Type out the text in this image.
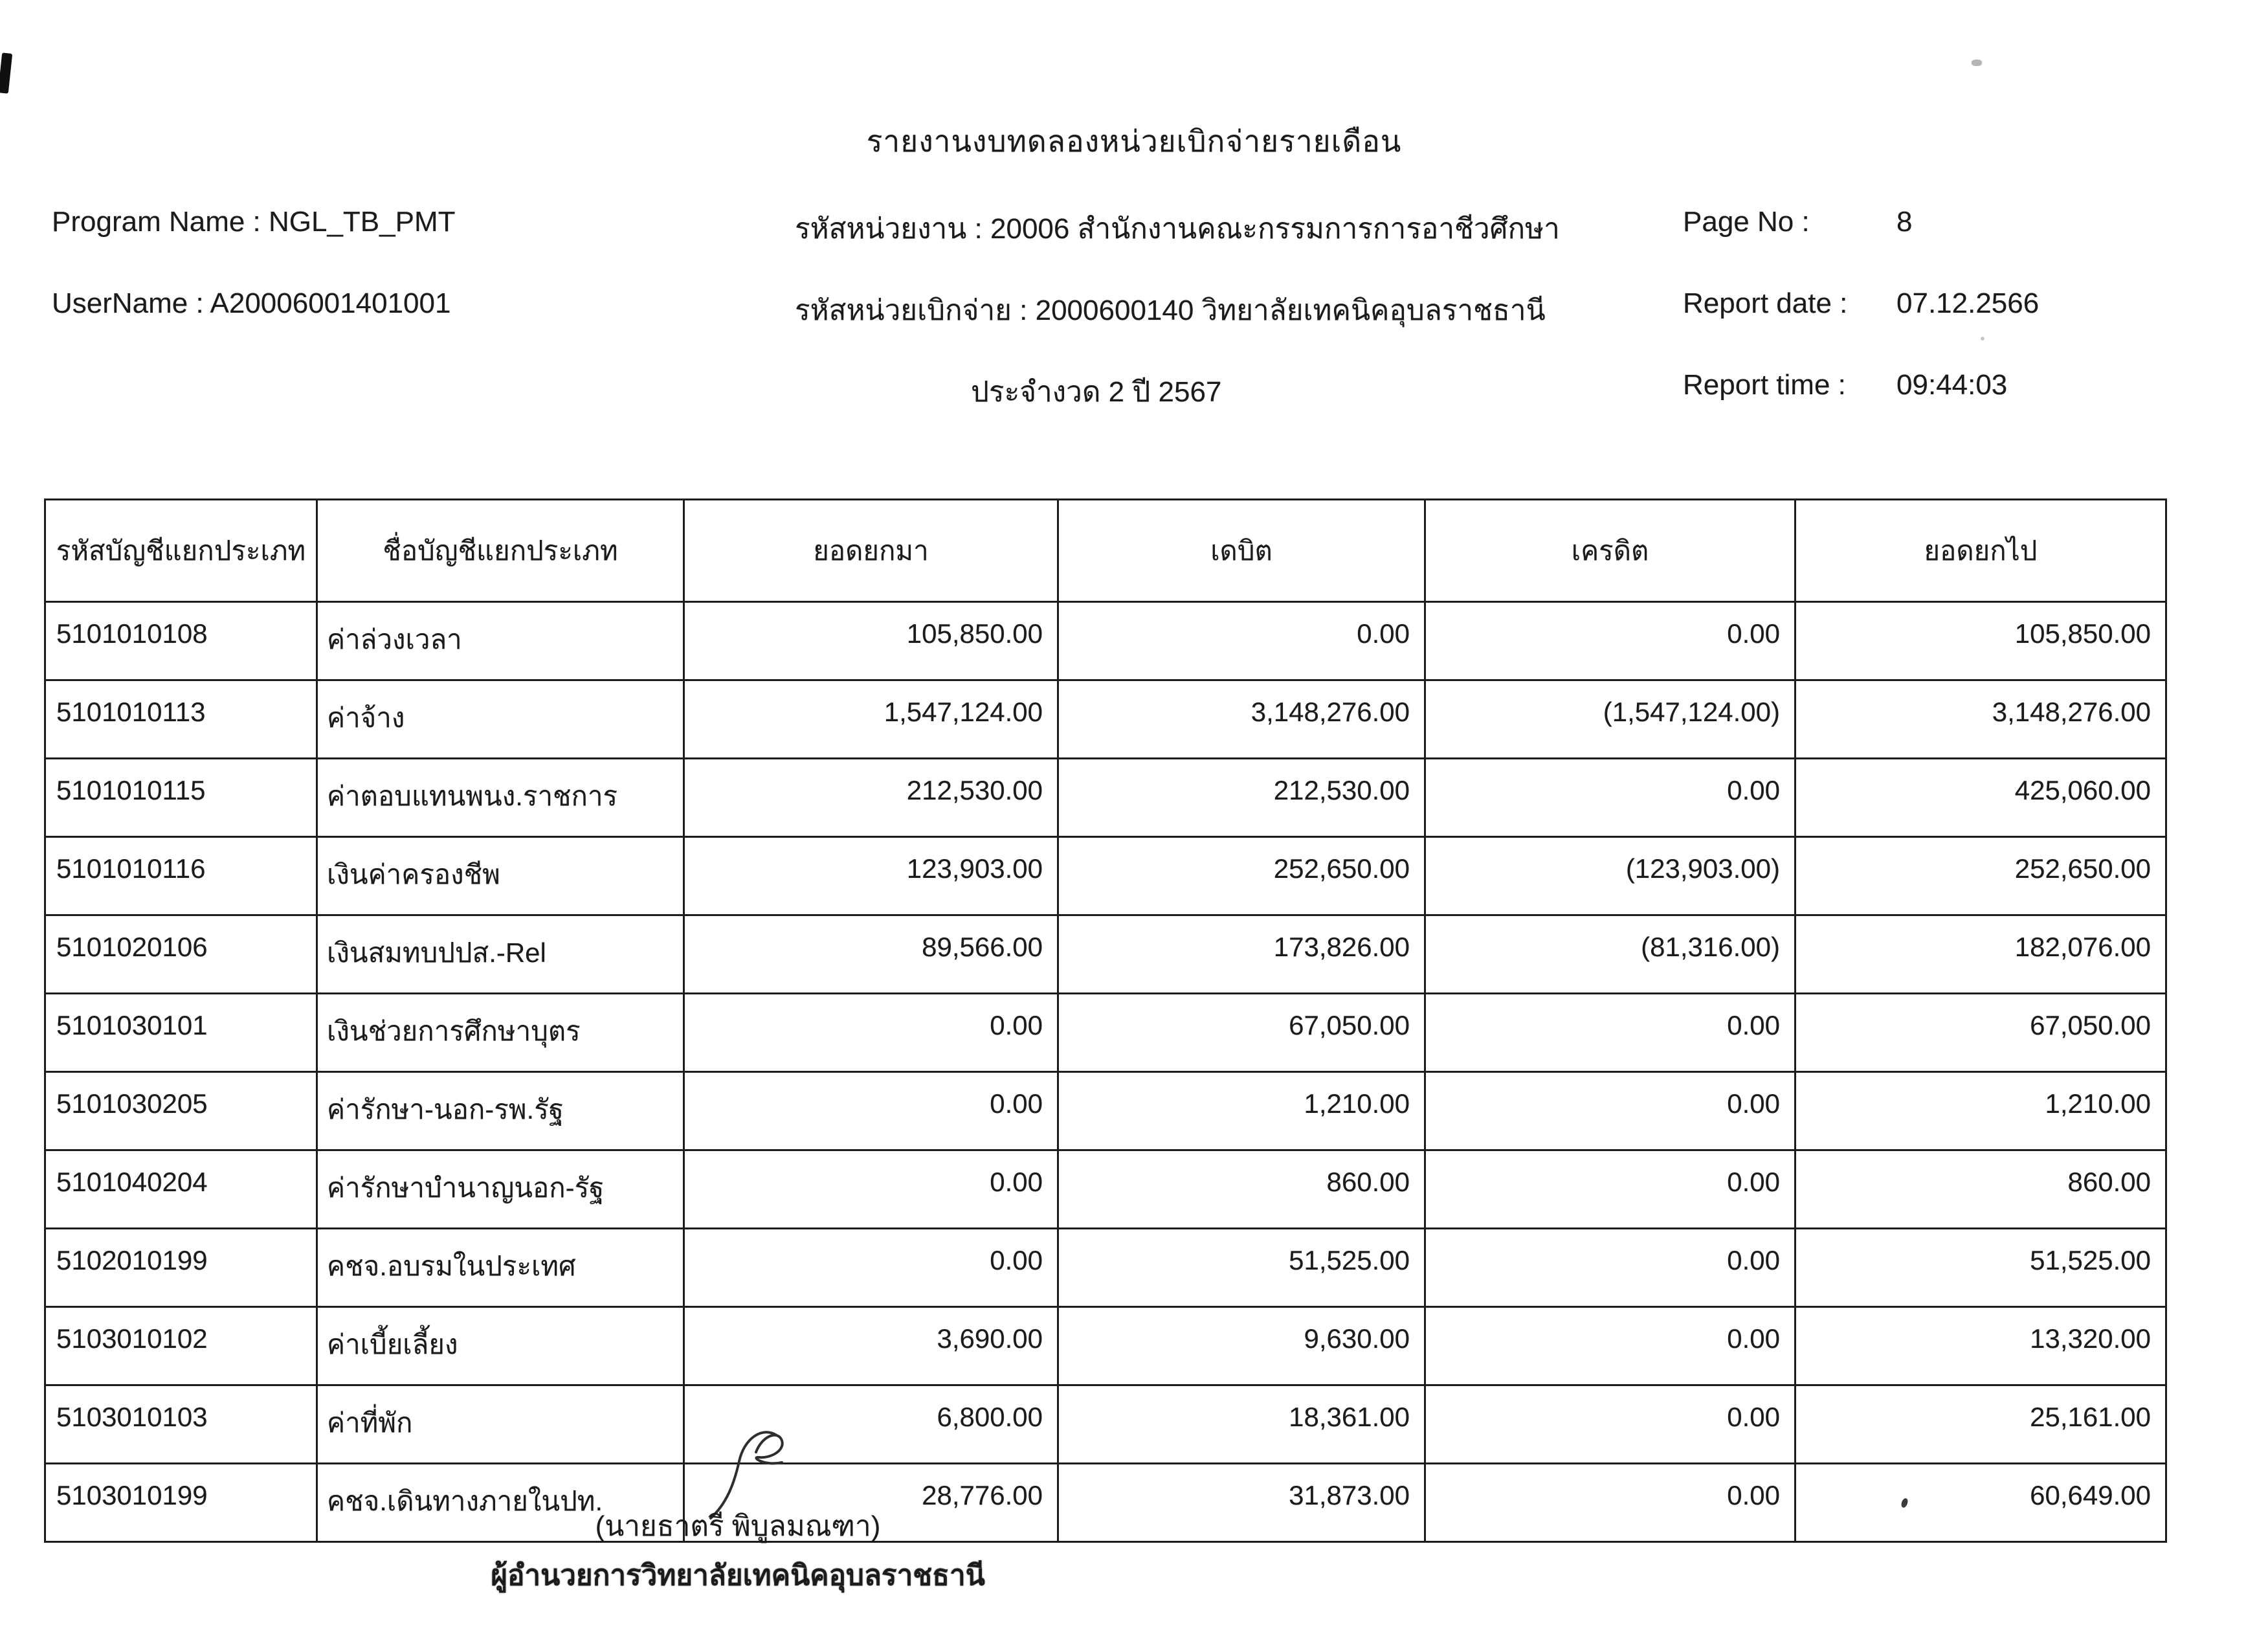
รายงานงบทดลองหน่วยเบิกจ่ายรายเดือน
Program Name : NGL_TB_PMT
UserName : A20006001401001
รหัสหน่วยงาน : 20006 สำนักงานคณะกรรมการการอาชีวศึกษา
รหัสหน่วยเบิกจ่าย : 2000600140 วิทยาลัยเทคนิคอุบลราชธานี
ประจำงวด 2 ปี 2567
Page No :	8
Report date : 07.12.2566
Report time : 09:44:03
รหัสบัญชีแยกประเภท	ชื่อบัญชีแยกประเภท	ยอดยกมา	เดบิต	เครดิต	ยอดยกไป
5101010108	ค่าล่วงเวลา	105,850.00	0.00	0.00	105,850.00
5101010113	ค่าจ้าง	1,547,124.00	3,148,276.00	(1,547,124.00)	3,148,276.00
5101010115	ค่าตอบแทนพนง.ราชการ	212,530.00	212,530.00	0.00	425,060.00
5101010116	เงินค่าครองชีพ	123,903.00	252,650.00	(123,903.00)	252,650.00
5101020106	เงินสมทบปปส.-Rel	89,566.00	173,826.00	(81,316.00)	182,076.00
5101030101	เงินช่วยการศึกษาบุตร	0.00	67,050.00	0.00	67,050.00
5101030205	ค่ารักษา-นอก-รพ.รัฐ	0.00	1,210.00	0.00	1,210.00
5101040204	ค่ารักษาบำนาญนอก-รัฐ	0.00	860.00	0.00	860.00
5102010199	คชจ.อบรมในประเทศ	0.00	51,525.00	0.00	51,525.00
5103010102	ค่าเบี้ยเลี้ยง	3,690.00	9,630.00	0.00	13,320.00
5103010103	ค่าที่พัก	6,800.00	18,361.00	0.00	25,161.00
5103010199	คชจ.เดินทางภายในปท.	28,776.00	31,873.00	0.00	60,649.00
(นายธาตรี พิบูลมณฑา)
ผู้อำนวยการวิทยาลัยเทคนิคอุบลราชธานี
